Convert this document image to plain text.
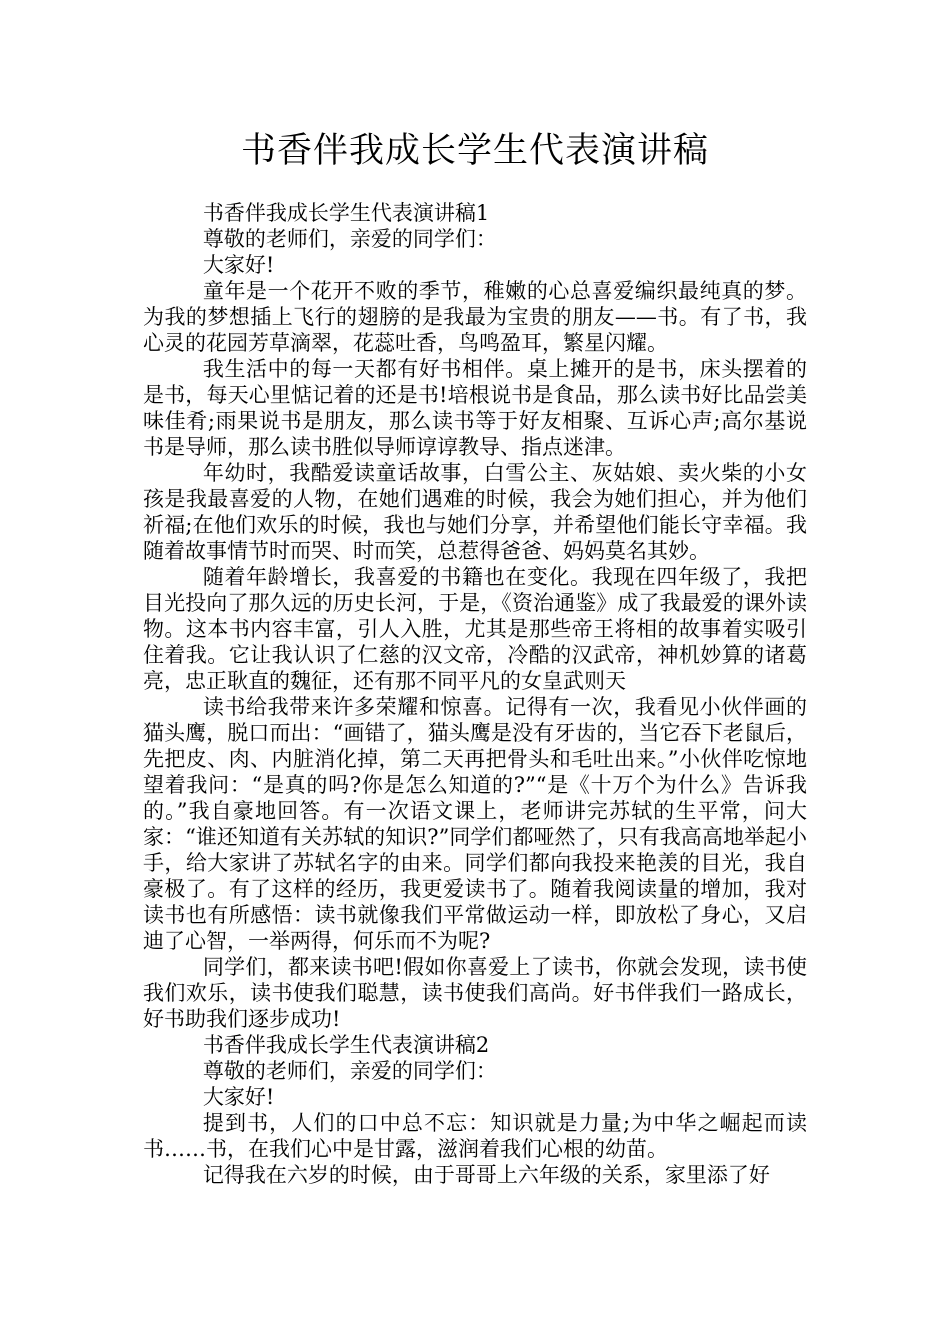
书香伴我成长学生代表演讲稿

书香伴我成长学生代表演讲稿1

尊敬的老师们，亲爱的同学们：

大家好!

童年是一个花开不败的季节，稚嫩的心总喜爱编织最纯真的梦。为我的梦想插上飞行的翅膀的是我最为宝贵的朋友——书。有了书，我心灵的花园芳草滴翠，花蕊吐香，鸟鸣盈耳，繁星闪耀。

我生活中的每一天都有好书相伴。桌上摊开的是书，床头摆着的是书，每天心里惦记着的还是书!培根说书是食品，那么读书好比品尝美味佳肴;雨果说书是朋友，那么读书等于好友相聚、互诉心声;高尔基说书是导师，那么读书胜似导师谆谆教导、指点迷津。

年幼时，我酷爱读童话故事，白雪公主、灰姑娘、卖火柴的小女孩是我最喜爱的人物，在她们遇难的时候，我会为她们担心，并为他们祈福;在他们欢乐的时候，我也与她们分享，并希望他们能长守幸福。我随着故事情节时而哭、时而笑，总惹得爸爸、妈妈莫名其妙。

随着年龄增长，我喜爱的书籍也在变化。我现在四年级了，我把目光投向了那久远的历史长河，于是，《资治通鉴》成了我最爱的课外读物。这本书内容丰富，引人入胜，尤其是那些帝王将相的故事着实吸引住着我。它让我认识了仁慈的汉文帝，冷酷的汉武帝，神机妙算的诸葛亮，忠正耿直的魏征，还有那不同平凡的女皇武则天

读书给我带来许多荣耀和惊喜。记得有一次，我看见小伙伴画的猫头鹰，脱口而出：“画错了，猫头鹰是没有牙齿的，当它吞下老鼠后，先把皮、肉、内脏消化掉，第二天再把骨头和毛吐出来。”小伙伴吃惊地望着我问：“是真的吗?你是怎么知道的?”“是《十万个为什么》告诉我的。”我自豪地回答。有一次语文课上，老师讲完苏轼的生平常，问大家：“谁还知道有关苏轼的知识?”同学们都哑然了，只有我高高地举起小手，给大家讲了苏轼名字的由来。同学们都向我投来艳羡的目光，我自豪极了。有了这样的经历，我更爱读书了。随着我阅读量的增加，我对读书也有所感悟：读书就像我们平常做运动一样，即放松了身心，又启迪了心智，一举两得，何乐而不为呢?

同学们，都来读书吧!假如你喜爱上了读书，你就会发现，读书使我们欢乐，读书使我们聪慧，读书使我们高尚。好书伴我们一路成长，好书助我们逐步成功!

书香伴我成长学生代表演讲稿2

尊敬的老师们，亲爱的同学们：

大家好!

提到书，人们的口中总不忘：知识就是力量;为中华之崛起而读书……书，在我们心中是甘露，滋润着我们心根的幼苗。

记得我在六岁的时候，由于哥哥上六年级的关系，家里添了好
